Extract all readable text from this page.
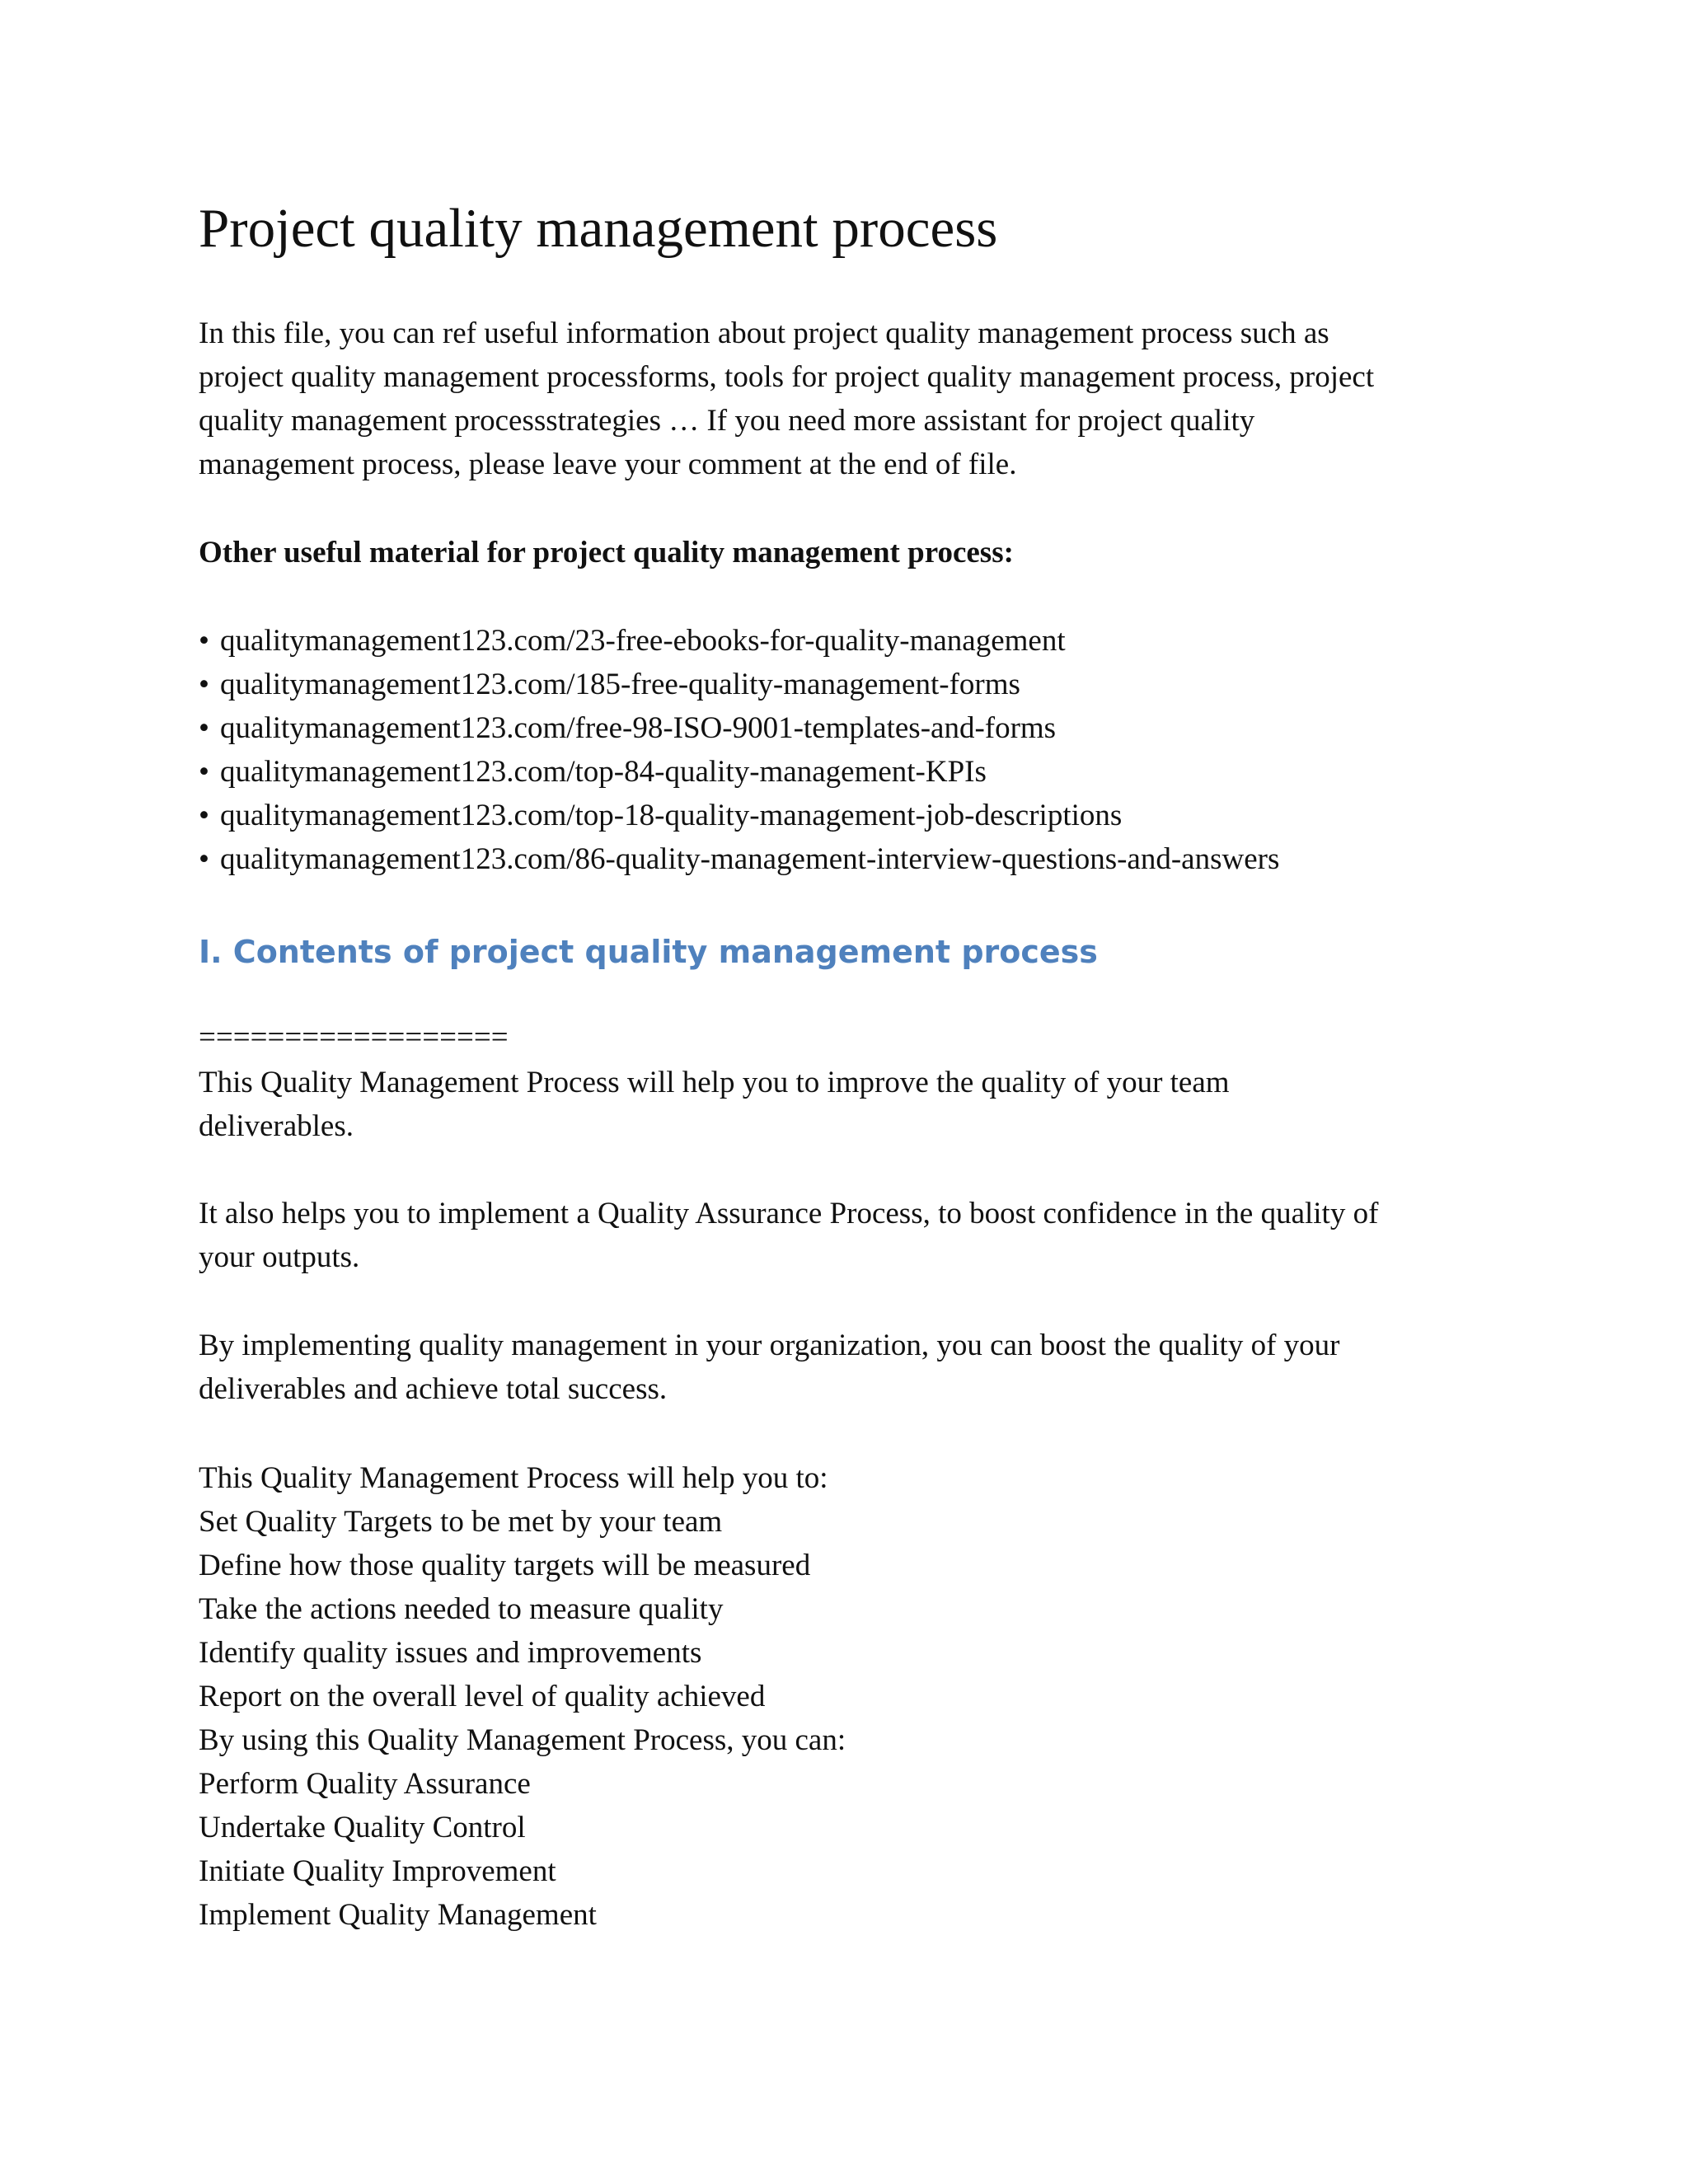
Project quality management process

In this file, you can ref useful information about project quality management process such as
project quality management processforms, tools for project quality management process, project
quality management processstrategies … If you need more assistant for project quality
management process, please leave your comment at the end of file.

Other useful material for project quality management process:

• qualitymanagement123.com/23-free-ebooks-for-quality-management
• qualitymanagement123.com/185-free-quality-management-forms
• qualitymanagement123.com/free-98-ISO-9001-templates-and-forms
• qualitymanagement123.com/top-84-quality-management-KPIs
• qualitymanagement123.com/top-18-quality-management-job-descriptions
• qualitymanagement123.com/86-quality-management-interview-questions-and-answers
I. Contents of project quality management process

==================

This Quality Management Process will help you to improve the quality of your team
deliverables.

It also helps you to implement a Quality Assurance Process, to boost confidence in the quality of
your outputs.

By implementing quality management in your organization, you can boost the quality of your
deliverables and achieve total success.

This Quality Management Process will help you to:
Set Quality Targets to be met by your team
Define how those quality targets will be measured
Take the actions needed to measure quality
Identify quality issues and improvements
Report on the overall level of quality achieved
By using this Quality Management Process, you can:
Perform Quality Assurance
Undertake Quality Control
Initiate Quality Improvement
Implement Quality Management
